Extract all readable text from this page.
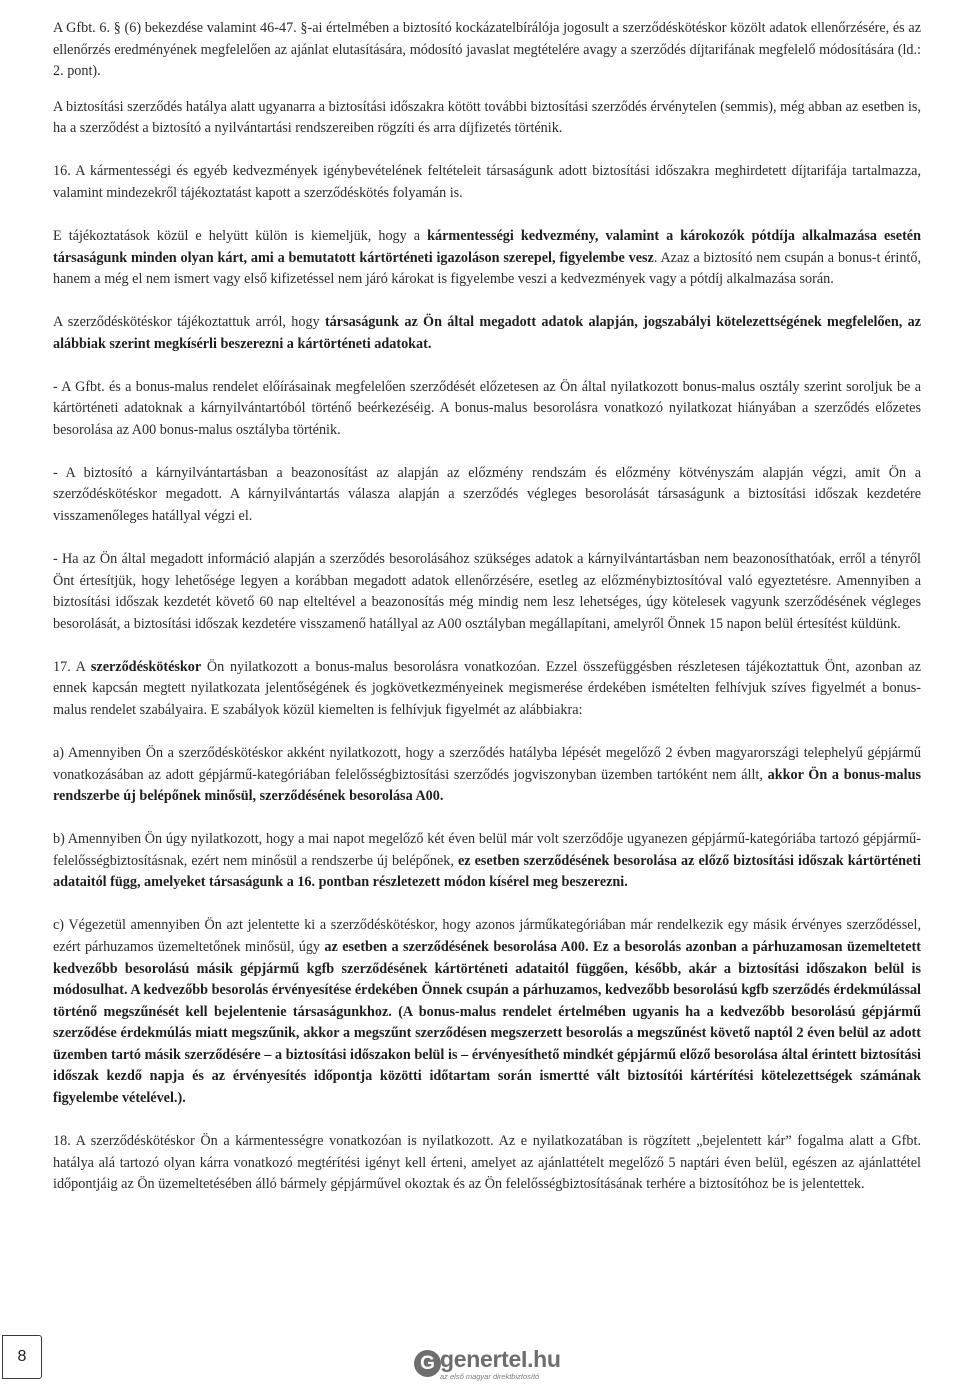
A Gfbt. 6. § (6) bekezdése valamint 46-47. §-ai értelmében a biztosító kockázatelbírálója jogosult a szerződéskötéskor közölt adatok ellenőrzésére, és az ellenőrzés eredményének megfelelően az ajánlat elutasítására, módosító javaslat megtételére avagy a szerződés díjtarifának megfelelő módosítására (ld.: 2. pont).

A biztosítási szerződés hatálya alatt ugyanarra a biztosítási időszakra kötött további biztosítási szerződés érvénytelen (semmis), még abban az esetben is, ha a szerződést a biztosító a nyilvántartási rendszereiben rögzíti és arra díjfizetés történik.

16. A kármentességi és egyéb kedvezmények igénybevételének feltételeit társaságunk adott biztosítási időszakra meghirdetett díjtarifája tartalmazza, valamint mindezekről tájékoztatást kapott a szerződéskötés folyamán is.

E tájékoztatások közül e helyütt külön is kiemeljük, hogy a kármentességi kedvezmény, valamint a károkozók pótdíja alkalmazása esetén társaságunk minden olyan kárt, ami a bemutatott kártörténeti igazoláson szerepel, figyelembe vesz. Azaz a biztosító nem csupán a bonus-t érintő, hanem a még el nem ismert vagy első kifizetéssel nem járó károkat is figyelembe veszi a kedvezmények vagy a pótdíj alkalmazása során.

A szerződéskötéskor tájékoztattuk arról, hogy társaságunk az Ön által megadott adatok alapján, jogszabályi kötelezettségének megfelelően, az alábbiak szerint megkísérli beszerezni a kártörténeti adatokat.

- A Gfbt. és a bonus-malus rendelet előírásainak megfelelően szerződését előzetesen az Ön által nyilatkozott bonus-malus osztály szerint soroljuk be a kártörténeti adatoknak a kárnyilvántartóból történő beérkezéséig. A bonus-malus besorolásra vonatkozó nyilatkozat hiányában a szerződés előzetes besorolása az A00 bonus-malus osztályba történik.

- A biztosító a kárnyilvántartásban a beazonosítást az alapján az előzmény rendszám és előzmény kötvényszám alapján végzi, amit Ön a szerződéskötéskor megadott. A kárnyilvántartás válasza alapján a szerződés végleges besorolását társaságunk a biztosítási időszak kezdetére visszamenőleges hatállyal végzi el.

- Ha az Ön által megadott információ alapján a szerződés besorolásához szükséges adatok a kárnyilvántartásban nem beazonosíthatóak, erről a tényről Önt értesítjük, hogy lehetősége legyen a korábban megadott adatok ellenőrzésére, esetleg az előzménybiztosítóval való egyeztetésre. Amennyiben a biztosítási időszak kezdetét követő 60 nap elteltével a beazonosítás még mindig nem lesz lehetséges, úgy kötelesek vagyunk szerződésének végleges besorolását, a biztosítási időszak kezdetére visszamenő hatállyal az A00 osztályban megállapítani, amelyről Önnek 15 napon belül értesítést küldünk.

17. A szerződéskötéskor Ön nyilatkozott a bonus-malus besorolásra vonatkozóan. Ezzel összefüggésben részletesen tájékoztattuk Önt, azonban az ennek kapcsán megtett nyilatkozata jelentőségének és jogkövetkezményeinek megismerése érdekében ismételten felhívjuk szíves figyelmét a bonus-malus rendelet szabályaira. E szabályok közül kiemelten is felhívjuk figyelmét az alábbiakra:

a) Amennyiben Ön a szerződéskötéskor akként nyilatkozott, hogy a szerződés hatályba lépését megelőző 2 évben magyarországi telephelyű gépjármű vonatkozásában az adott gépjármű-kategóriában felelősségbiztosítási szerződés jogviszonyban üzemben tartóként nem állt, akkor Ön a bonus-malus rendszerbe új belépőnek minősül, szerződésének besorolása A00.

b) Amennyiben Ön úgy nyilatkozott, hogy a mai napot megelőző két éven belül már volt szerződője ugyanezen gépjármű-kategóriába tartozó gépjármű-felelősségbiztosításnak, ezért nem minősül a rendszerbe új belépőnek, ez esetben szerződésének besorolása az előző biztosítási időszak kártörténeti adataitól függ, amelyeket társaságunk a 16. pontban részletezett módon kísérel meg beszerezni.

c) Végezetül amennyiben Ön azt jelentette ki a szerződéskötéskor, hogy azonos járműkategóriában már rendelkezik egy másik érvényes szerződéssel, ezért párhuzamos üzemeltetőnek minősül, úgy az esetben a szerződésének besorolása A00. Ez a besorolás azonban a párhuzamosan üzemeltetett kedvezőbb besorolású másik gépjármű kgfb szerződésének kártörténeti adataitól függően, később, akár a biztosítási időszakon belül is módosulhat. A kedvezőbb besorolás érvényesítése érdekében Önnek csupán a párhuzamos, kedvezőbb besorolású kgfb szerződés érdekmúlással történő megszűnését kell bejelentenie társaságunkhoz. (A bonus-malus rendelet értelmében ugyanis ha a kedvezőbb besorolású gépjármű szerződése érdekmúlás miatt megszűnik, akkor a megszűnt szerződésen megszerzett besorolás a megszűnést követő naptól 2 éven belül az adott üzemben tartó másik szerződésére – a biztosítási időszakon belül is – érvényesíthető mindkét gépjármű előző besorolása által érintett biztosítási időszak kezdő napja és az érvényesítés időpontja közötti időtartam során ismertté vált biztosítói kártérítési kötelezettségek számának figyelembe vételével.).

18. A szerződéskötéskor Ön a kármentességre vonatkozóan is nyilatkozott. Az e nyilatkozatában is rögzített „bejelentett kár” fogalma alatt a Gfbt. hatálya alá tartozó olyan kárra vonatkozó megtérítési igényt kell érteni, amelyet az ajánlattételt megelőző 5 naptári éven belül, egészen az ajánlattétel időpontjáig az Ön üzemeltetésében álló bármely gépjárművel okoztak és az Ön felelősségbiztosításának terhére a biztosítóhoz be is jelentettek.

8	G generteI.hu
az első magyar direktbiztosító
